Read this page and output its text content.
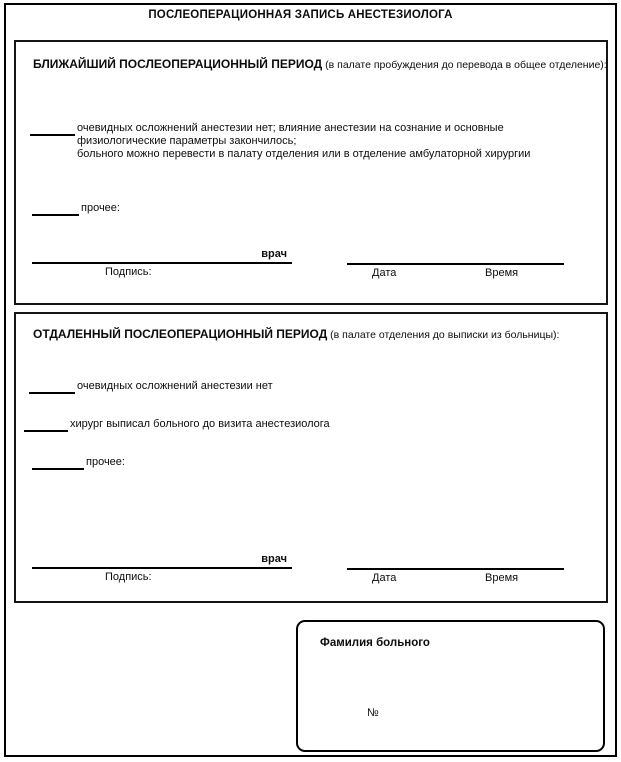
ПОСЛЕОПЕРАЦИОННАЯ ЗАПИСЬ АНЕСТЕЗИОЛОГА
БЛИЖАЙШИЙ ПОСЛЕОПЕРАЦИОННЫЙ ПЕРИОД (в палате пробуждения до перевода в общее отделение):
очевидных осложнений анестезии нет; влияние анестезии на сознание и основные
физиологические параметры закончилось;
больного можно перевести в палату отделения или в отделение амбулаторной хирургии
прочее:
врач
Подпись:	Дата	Время
ОТДАЛЕННЫЙ ПОСЛЕОПЕРАЦИОННЫЙ ПЕРИОД (в палате отделения до выписки из больницы):
очевидных осложнений анестезии нет
хирург выписал больного до визита анестезиолога
прочее:
врач
Подпись:	Дата	Время
Фамилия больного
№
